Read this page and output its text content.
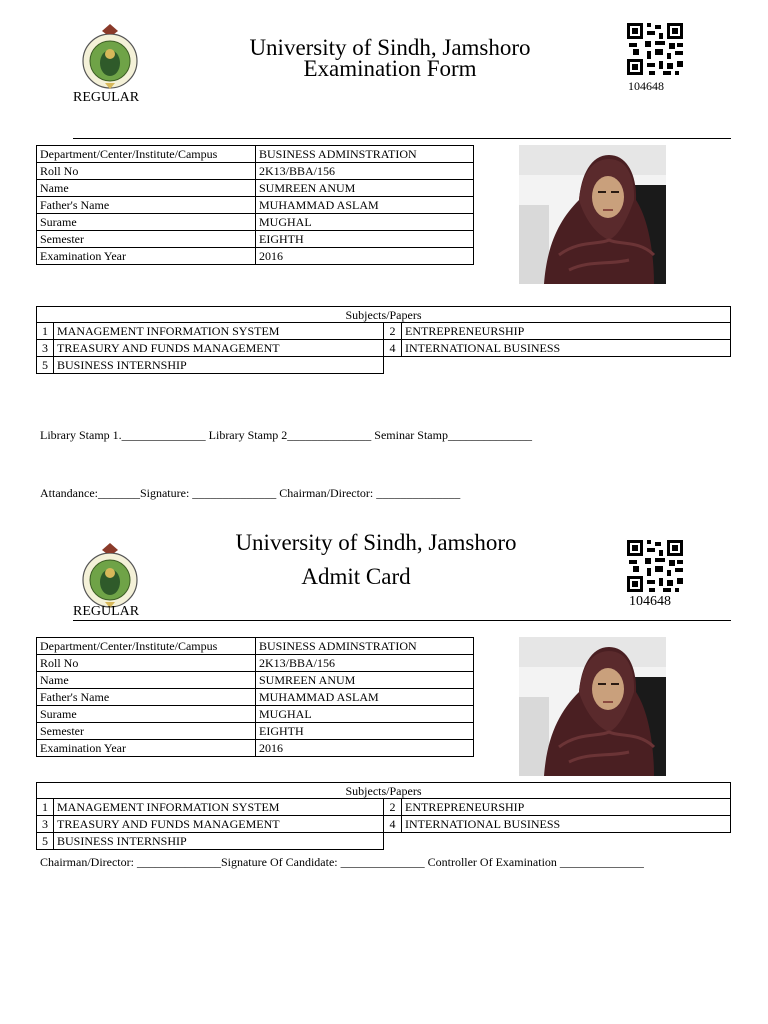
University of Sindh, Jamshoro
Examination Form
REGULAR
104648
Department/Center/Institute/Campus	BUSINESS ADMINSTRATION
Roll No	2K13/BBA/156
Name	SUMREEN ANUM
Father's Name	MUHAMMAD ASLAM
Surame	MUGHAL
Semester	EIGHTH
Examination Year	2016
Subjects/Papers
1 MANAGEMENT INFORMATION SYSTEM	2 ENTREPRENEURSHIP
3 TREASURY AND FUNDS MANAGEMENT	4 INTERNATIONAL BUSINESS
5 BUSINESS INTERNSHIP
Library Stamp 1.______________ Library Stamp 2______________ Seminar Stamp______________
Attandance:_______Signature: ______________ Chairman/Director: ______________
University of Sindh, Jamshoro
Admit Card
REGULAR
104648
Department/Center/Institute/Campus	BUSINESS ADMINSTRATION
Roll No	2K13/BBA/156
Name	SUMREEN ANUM
Father's Name	MUHAMMAD ASLAM
Surame	MUGHAL
Semester	EIGHTH
Examination Year	2016
Subjects/Papers
1 MANAGEMENT INFORMATION SYSTEM	2 ENTREPRENEURSHIP
3 TREASURY AND FUNDS MANAGEMENT	4 INTERNATIONAL BUSINESS
5 BUSINESS INTERNSHIP
Chairman/Director: ______________Signature Of Candidate: ______________ Controller Of Examination ______________
